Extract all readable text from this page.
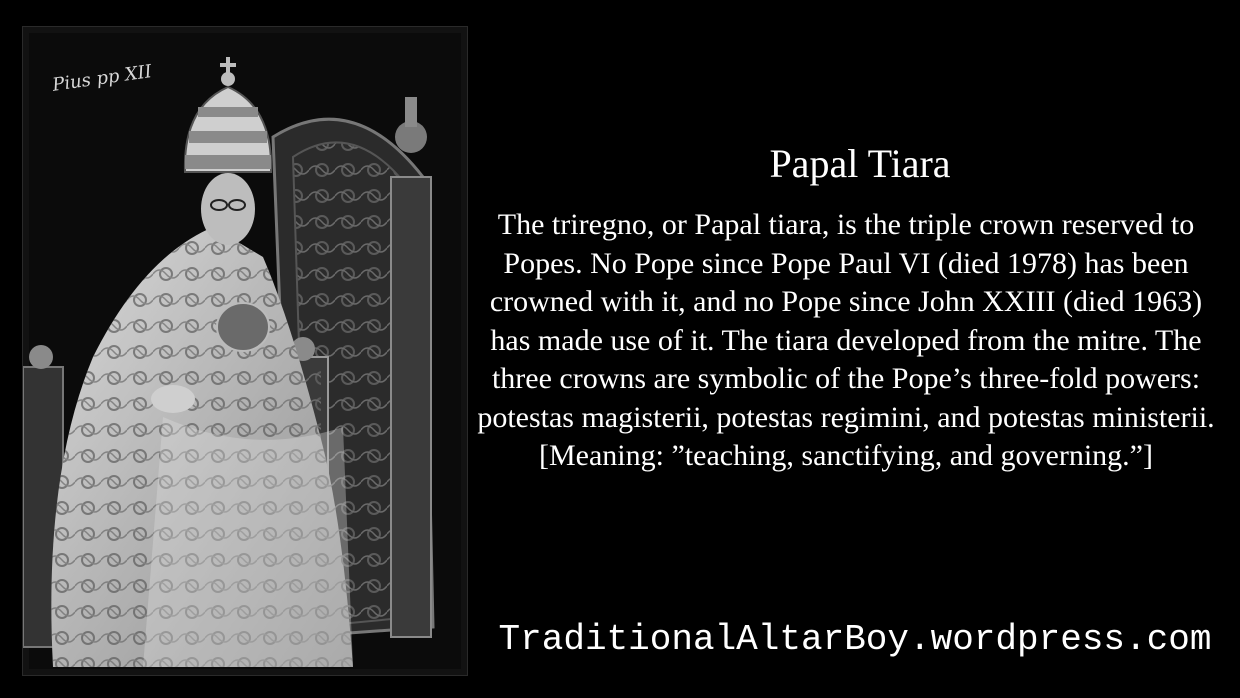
Pius pp XII
Papal Tiara

The triregno, or Papal tiara, is the triple crown reserved to Popes. No Pope since Pope Paul VI (died 1978) has been crowned with it, and no Pope since John XXIII (died 1963) has made use of it. The tiara developed from the mitre. The three crowns are symbolic of the Pope’s three-fold powers: potestas magisterii, potestas regimini, and potestas ministerii. [Meaning: ”teaching, sanctifying, and governing.”]

TraditionalAltarBoy.wordpress.com
